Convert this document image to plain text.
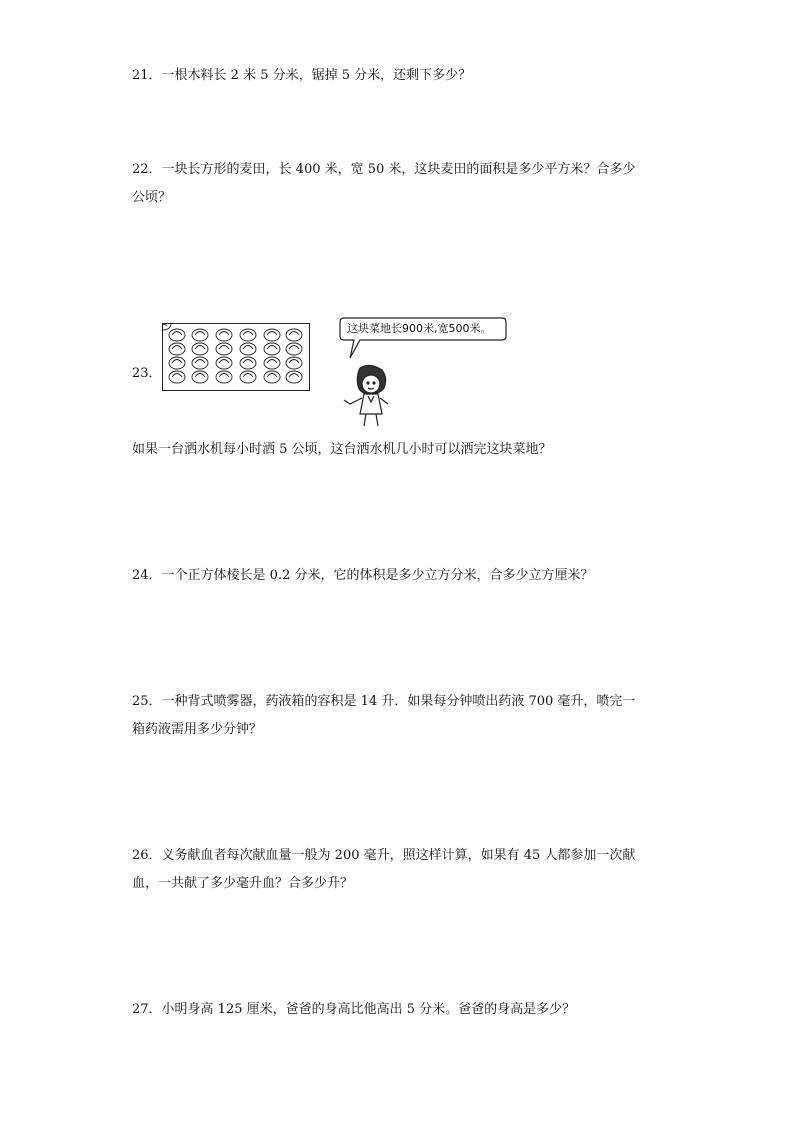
21．一根木料长 2 米 5 分米，锯掉 5 分米，还剩下多少？

22．一块长方形的麦田，长 400 米，宽 50 米，这块麦田的面积是多少平方米？合多少

公顷？

23．
这块菜地长900米,宽500米。

如果一台洒水机每小时洒 5 公顷，这台洒水机几小时可以洒完这块菜地？

24．一个正方体棱长是 0.2 分米，它的体积是多少立方分米，合多少立方厘米？

25．一种背式喷雾器，药液箱的容积是 14 升．如果每分钟喷出药液 700 毫升，喷完一

箱药液需用多少分钟？

26．义务献血者每次献血量一般为 200 毫升，照这样计算，如果有 45 人都参加一次献

血，一共献了多少毫升血？合多少升？

27．小明身高 125 厘米，爸爸的身高比他高出 5 分米。爸爸的身高是多少？
